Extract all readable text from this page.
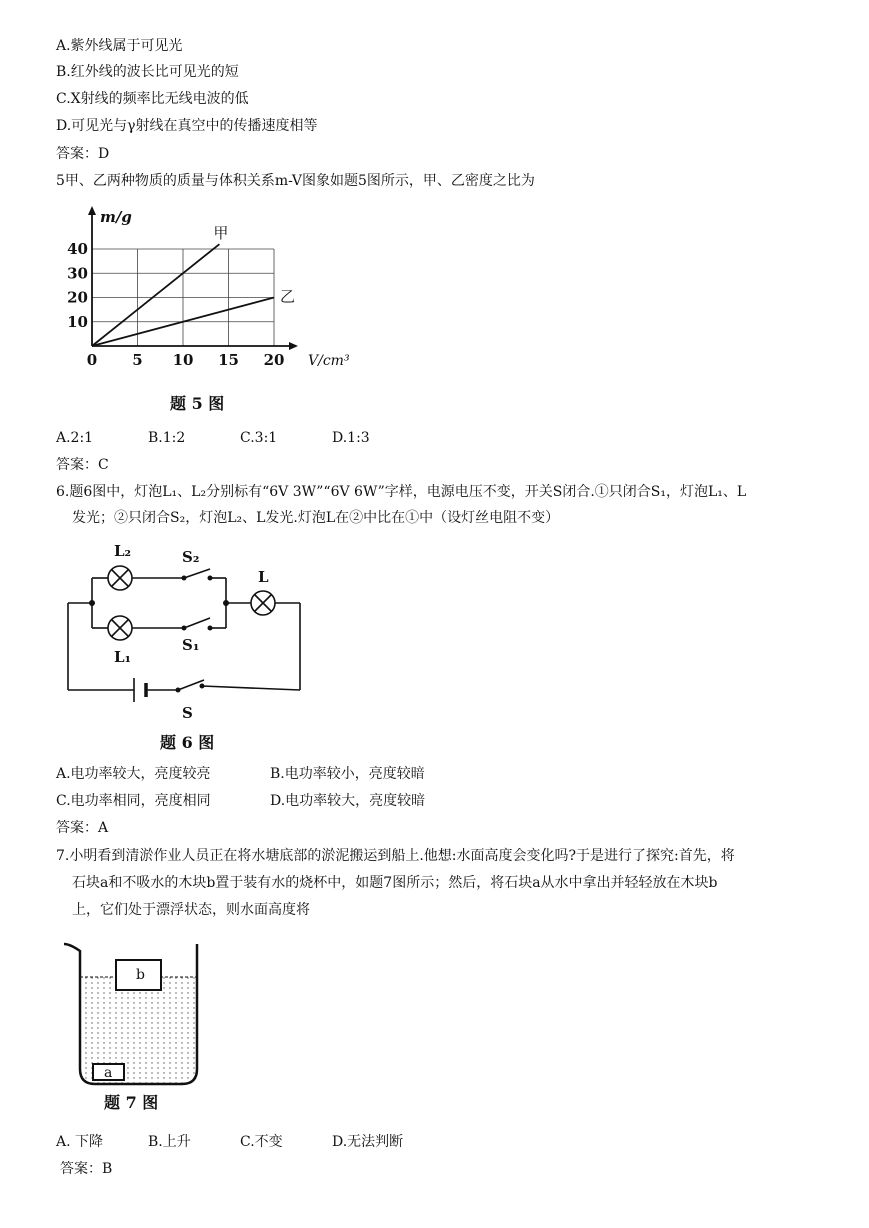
A.紫外线属于可见光
B.红外线的波长比可见光的短
C.X射线的频率比无线电波的低
D.可见光与γ射线在真空中的传播速度相等
答案：D
5甲、乙两种物质的质量与体积关系m-V图象如题5图所示，甲、乙密度之比为
甲
乙
0 5 10 15 20
10
20
30
40
m/g
V/cm³
题 5 图
A.2:1	B.1:2	C.3:1	D.1:3
答案：C
6.题6图中，灯泡L₁、L₂分别标有“6V 3W”“6V 6W”字样，电源电压不变，开关S闭合.①只闭合S₁，灯泡L₁、L
发光；②只闭合S₂，灯泡L₂、L发光.灯泡L在②中比在①中（设灯丝电阻不变）
L₂	S₂
L
L₁
S₁
S
题 6 图
A.电功率较大，亮度较亮	B.电功率较小，亮度较暗
C.电功率相同，亮度相同	D.电功率较大，亮度较暗
答案：A
7.小明看到清淤作业人员正在将水塘底部的淤泥搬运到船上.他想:水面高度会变化吗?于是进行了探究:首先，将
石块a和不吸水的木块b置于装有水的烧杯中，如题7图所示；然后，将石块a从水中拿出并轻轻放在木块b
上，它们处于漂浮状态，则水面高度将
b
a
题 7 图
A. 下降	B.上升	C.不变	D.无法判断
答案：B
